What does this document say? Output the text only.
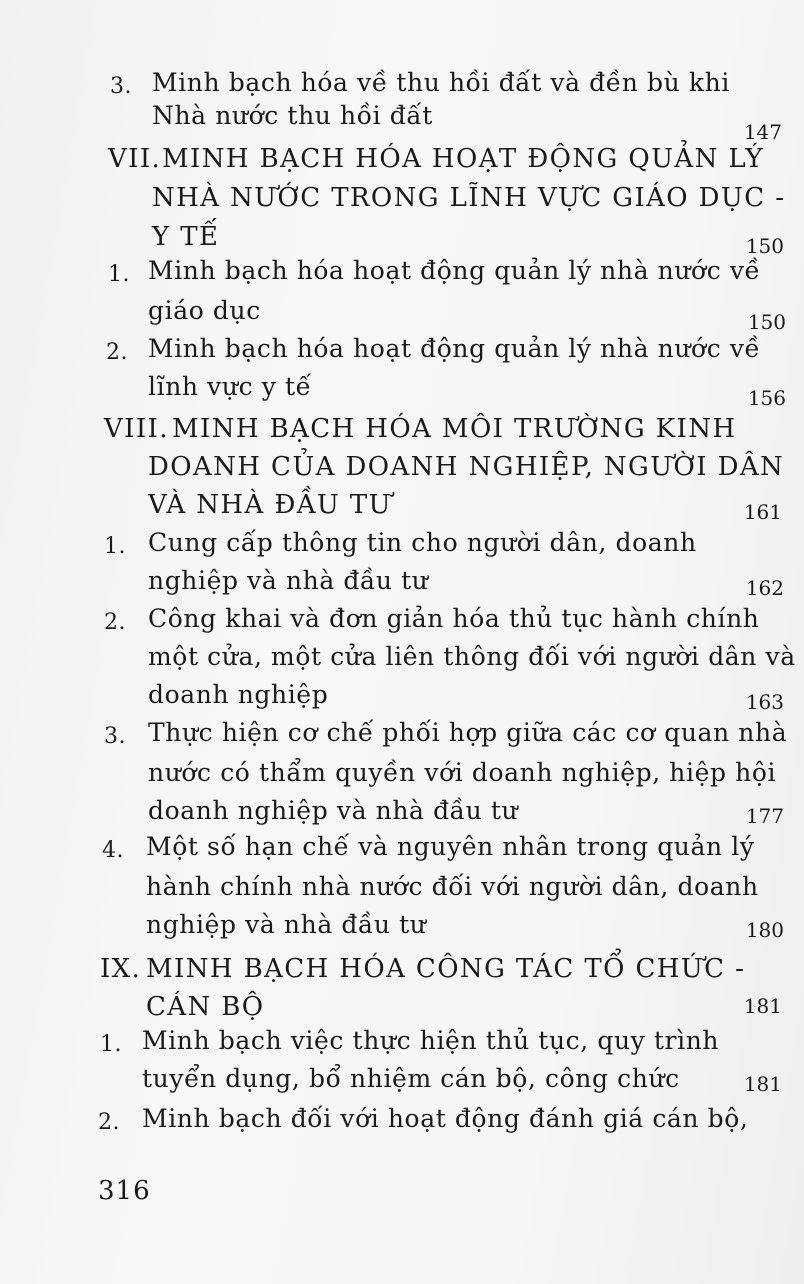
3. Minh bạch hóa về thu hồi đất và đền bù khi
Nhà nước thu hồi đất
147
VII. MINH BẠCH HÓA HOẠT ĐỘNG QUẢN LÝ
NHÀ NƯỚC TRONG LĨNH VỰC GIÁO DỤC -
Y TẾ	150
1. Minh bạch hóa hoạt động quản lý nhà nước về
giáo dục	150
2. Minh bạch hóa hoạt động quản lý nhà nước về
lĩnh vực y tế	156
VIII. MINH BẠCH HÓA MÔI TRƯỜNG KINH
DOANH CỦA DOANH NGHIỆP, NGƯỜI DÂN
VÀ NHÀ ĐẦU TƯ	161
1. Cung cấp thông tin cho người dân, doanh
nghiệp và nhà đầu tư	162
2. Công khai và đơn giản hóa thủ tục hành chính
một cửa, một cửa liên thông đối với người dân và
doanh nghiệp	163
3. Thực hiện cơ chế phối hợp giữa các cơ quan nhà
nước có thẩm quyền với doanh nghiệp, hiệp hội
doanh nghiệp và nhà đầu tư	177
4. Một số hạn chế và nguyên nhân trong quản lý
hành chính nhà nước đối với người dân, doanh
nghiệp và nhà đầu tư	180
IX. MINH BẠCH HÓA CÔNG TÁC TỔ CHỨC -
CÁN BỘ	181
1. Minh bạch việc thực hiện thủ tục, quy trình
tuyển dụng, bổ nhiệm cán bộ, công chức	181
2. Minh bạch đối với hoạt động đánh giá cán bộ,
316
